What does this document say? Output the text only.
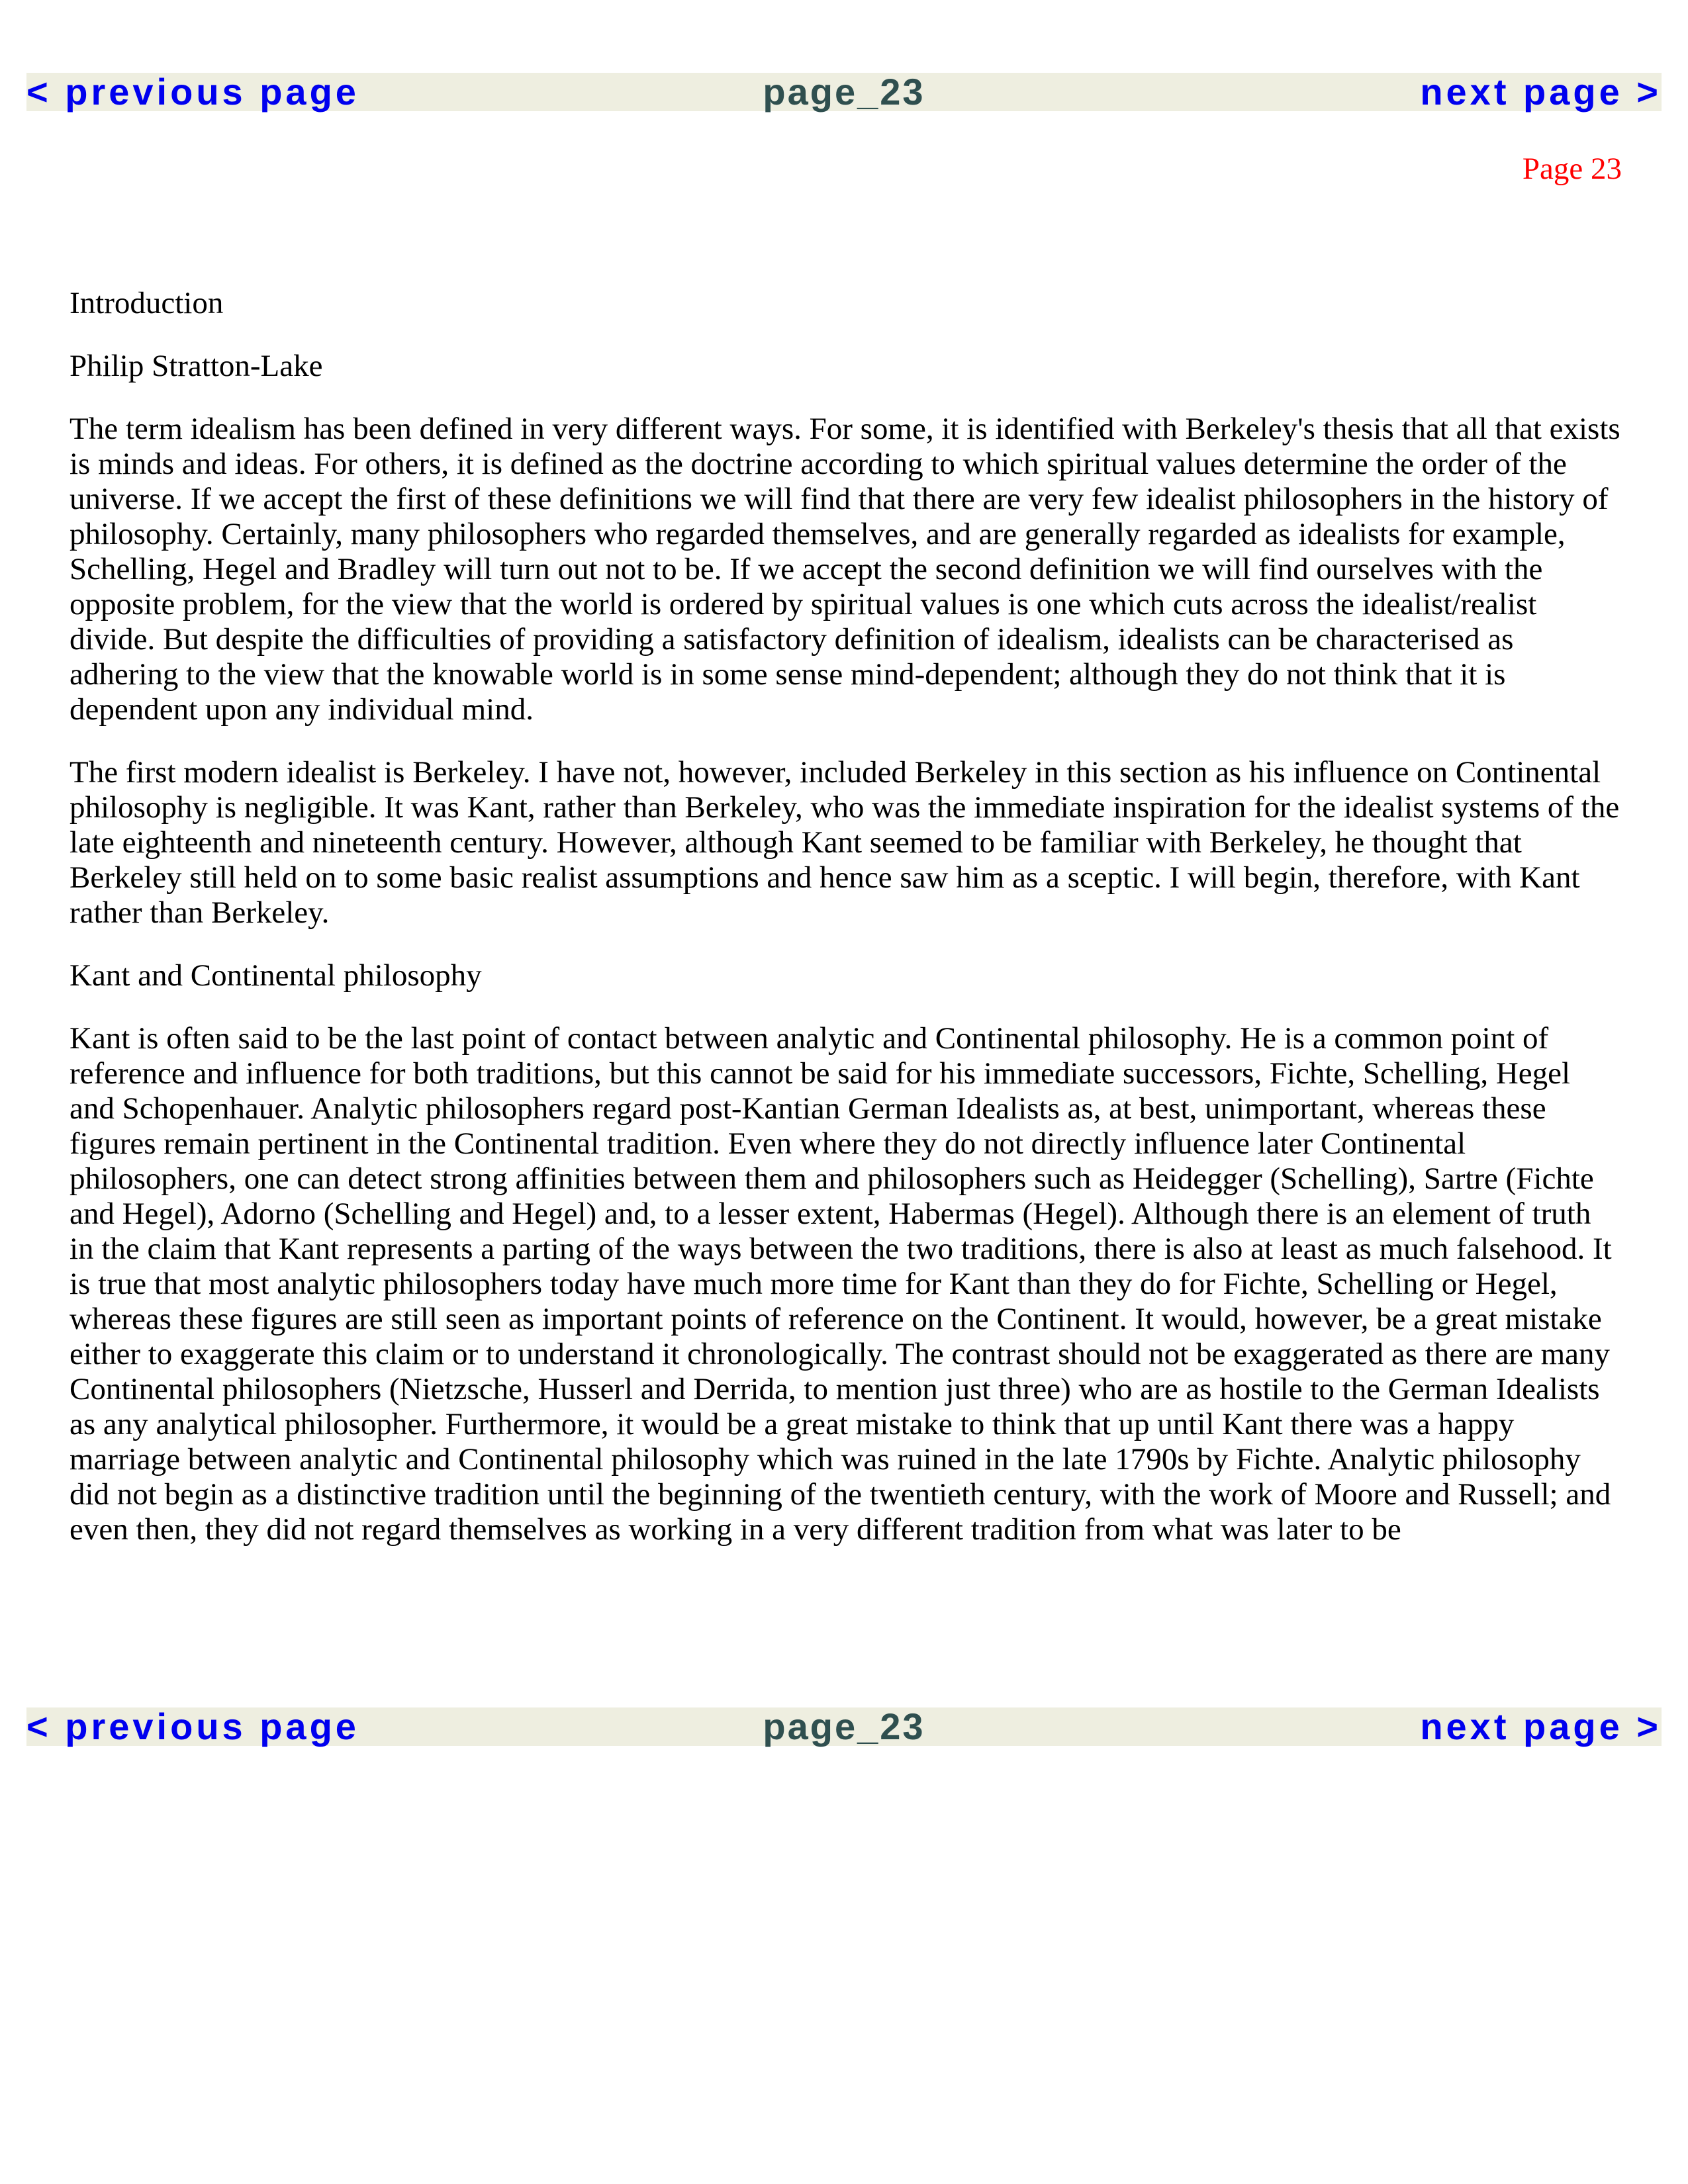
< previous page	page_23	next page >
Page 23

Introduction

Philip Stratton-Lake

The term idealism has been defined in very different ways. For some, it is identified with Berkeley's thesis that all that exists is minds and ideas. For others, it is defined as the doctrine according to which spiritual values determine the order of the universe. If we accept the first of these definitions we will find that there are very few idealist philosophers in the history of philosophy. Certainly, many philosophers who regarded themselves, and are generally regarded as idealists for example, Schelling, Hegel and Bradley will turn out not to be. If we accept the second definition we will find ourselves with the opposite problem, for the view that the world is ordered by spiritual values is one which cuts across the idealist/realist divide. But despite the difficulties of providing a satisfactory definition of idealism, idealists can be characterised as adhering to the view that the knowable world is in some sense mind-dependent; although they do not think that it is dependent upon any individual mind.

The first modern idealist is Berkeley. I have not, however, included Berkeley in this section as his influence on Continental philosophy is negligible. It was Kant, rather than Berkeley, who was the immediate inspiration for the idealist systems of the late eighteenth and nineteenth century. However, although Kant seemed to be familiar with Berkeley, he thought that Berkeley still held on to some basic realist assumptions and hence saw him as a sceptic. I will begin, therefore, with Kant rather than Berkeley.

Kant and Continental philosophy

Kant is often said to be the last point of contact between analytic and Continental philosophy. He is a common point of reference and influence for both traditions, but this cannot be said for his immediate successors, Fichte, Schelling, Hegel and Schopenhauer. Analytic philosophers regard post-Kantian German Idealists as, at best, unimportant, whereas these figures remain pertinent in the Continental tradition. Even where they do not directly influence later Continental philosophers, one can detect strong affinities between them and philosophers such as Heidegger (Schelling), Sartre (Fichte and Hegel), Adorno (Schelling and Hegel) and, to a lesser extent, Habermas (Hegel). Although there is an element of truth in the claim that Kant represents a parting of the ways between the two traditions, there is also at least as much falsehood. It is true that most analytic philosophers today have much more time for Kant than they do for Fichte, Schelling or Hegel, whereas these figures are still seen as important points of reference on the Continent. It would, however, be a great mistake either to exaggerate this claim or to understand it chronologically. The contrast should not be exaggerated as there are many Continental philosophers (Nietzsche, Husserl and Derrida, to mention just three) who are as hostile to the German Idealists as any analytical philosopher. Furthermore, it would be a great mistake to think that up until Kant there was a happy marriage between analytic and Continental philosophy which was ruined in the late 1790s by Fichte. Analytic philosophy did not begin as a distinctive tradition until the beginning of the twentieth century, with the work of Moore and Russell; and even then, they did not regard themselves as working in a very different tradition from what was later to be

< previous page	page_23	next page >
